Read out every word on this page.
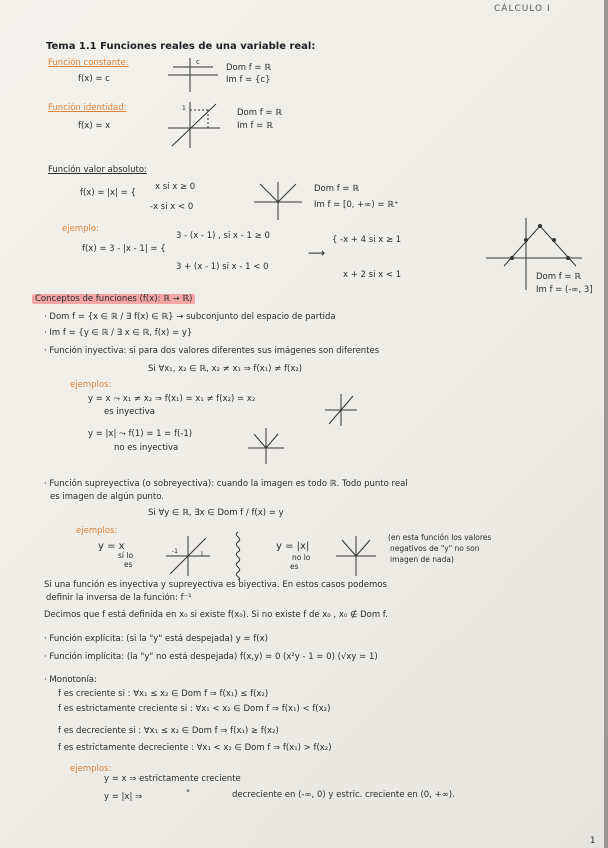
CÁLCULO I
Tema 1.1 Funciones reales de una variable real:
Función constante:
f(x) = c
c
Dom f = ℝ
Im f = {c}
Función identidad:
f(x) = x
1	Dom f = ℝ
Im f = ℝ
Función valor absoluto:
f(x) = |x| = {
x si x ≥ 0
-x si x < 0
Dom f = ℝ
Im f = [0, +∞) = ℝ⁺
ejemplo:
f(x) = 3 - |x - 1| = {
3 - (x - 1) , si x - 1 ≥ 0
3 + (x - 1) si x - 1 < 0
⟶
{ -x + 4 si x ≥ 1
x + 2 si x < 1	Dom f = ℝ
Im f = (-∞, 3]
Conceptos de funciones (f(x): ℝ → ℝ)
· Dom f = {x ∈ ℝ / ∃ f(x) ∈ ℝ} → subconjunto del espacio de partida
· Im f = {y ∈ ℝ / ∃ x ∈ ℝ, f(x) = y}
· Función inyectiva: si para dos valores diferentes sus imágenes son diferentes
Si ∀x₁, x₂ ∈ ℝ, x₂ ≠ x₁ ⇒ f(x₁) ≠ f(x₂)
ejemplos:
y = x ⤳ x₁ ≠ x₂ ⇒ f(x₁) = x₁ ≠ f(x₂) = x₂
es inyectiva
y = |x| ⤳ f(1) = 1 = f(-1)
no es inyectiva
· Función supreyectiva (o sobreyectiva): cuando la imagen es todo ℝ. Todo punto real
es imagen de algún punto.
Si ∀y ∈ ℝ, ∃x ∈ Dom f / f(x) = y
ejemplos:
y = x
sí lo
es
-1	1
y = |x|
no lo
es
(en esta función los valores
negativos de "y" no son
imagen de nada)
Si una función es inyectiva y supreyectiva es biyectiva. En estos casos podemos
definir la inversa de la función: f⁻¹
Decimos que f está definida en x₀ si existe f(x₀). Si no existe f de x₀ , x₀ ∉ Dom f.
· Función explícita: (si la "y" está despejada) y = f(x)
· Función implícita: (la "y" no está despejada) f(x,y) = 0 (x²y - 1 = 0) (√xy = 1)
· Monotonía:
f es creciente si : ∀x₁ ≤ x₂ ∈ Dom f ⇒ f(x₁) ≤ f(x₂)
f es estrictamente creciente si : ∀x₁ < x₂ ∈ Dom f ⇒ f(x₁) < f(x₂)
f es decreciente si : ∀x₁ ≤ x₂ ∈ Dom f ⇒ f(x₁) ≥ f(x₂)
f es estrictamente decreciente : ∀x₁ < x₂ ∈ Dom f ⇒ f(x₁) > f(x₂)
ejemplos:
y = x ⇒ estrictamente creciente
y = |x| ⇒	"	decreciente en (-∞, 0) y estric. creciente en (0, +∞).
1
